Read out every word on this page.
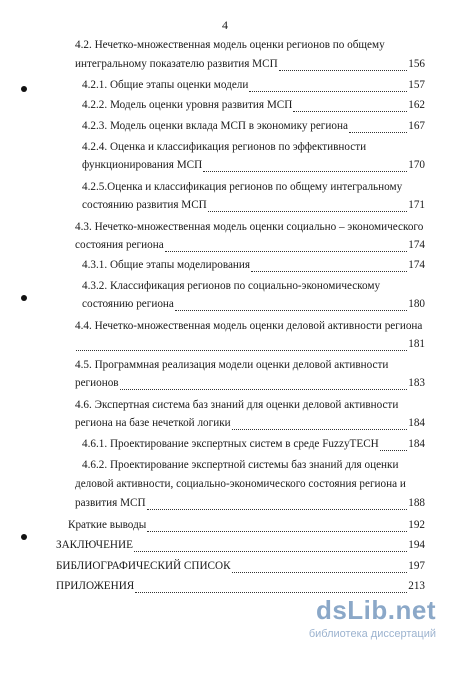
4
4.2. Нечетко-множественная модель оценки регионов по общему
интегральному показателю развития МСП	156
4.2.1. Общие этапы оценки модели	157
4.2.2. Модель оценки уровня развития МСП	162
4.2.3. Модель оценки вклада МСП в экономику региона	167
4.2.4. Оценка и классификация регионов по эффективности
функционирования МСП	170
4.2.5.Оценка и классификация регионов по общему интегральному
состоянию развития МСП	171
4.3. Нечетко-множественная модель оценки социально – экономического
состояния региона	174
4.3.1. Общие этапы моделирования	174
4.3.2. Классификация регионов по социально-экономическому
состоянию региона	180
4.4. Нечетко-множественная модель оценки деловой активности региона
181
4.5. Программная реализация модели оценки деловой активности
регионов	183
4.6. Экспертная система баз знаний для оценки деловой активности
региона на базе нечеткой логики	184
4.6.1. Проектирование экспертных систем в среде FuzzyTECH	184
4.6.2. Проектирование экспертной системы баз знаний для оценки
деловой активности, социально-экономического состояния региона и
развития МСП	188
Краткие выводы	192
ЗАКЛЮЧЕНИЕ	194
БИБЛИОГРАФИЧЕСКИЙ СПИСОК	197
ПРИЛОЖЕНИЯ	213
dsLib.net
библиотека диссертаций
